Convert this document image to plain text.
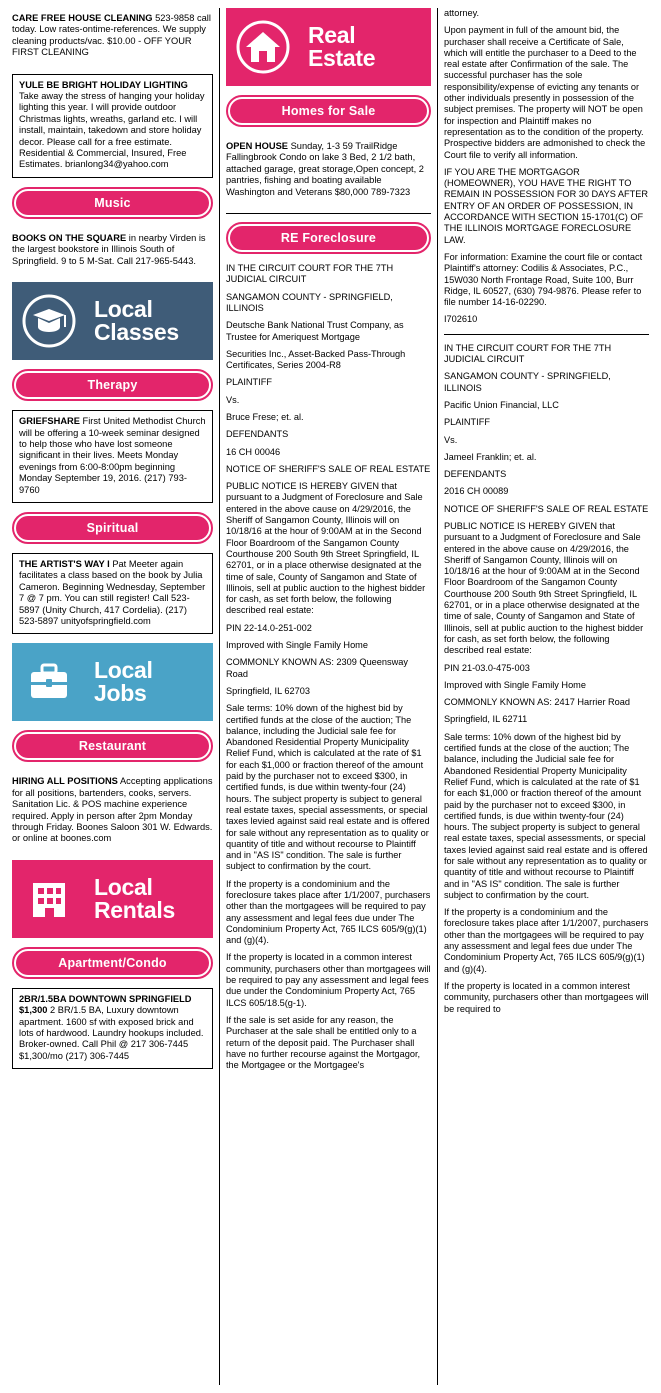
CARE FREE HOUSE CLEANING 523-9858 call today. Low rates-ontime-references. We supply cleaning products/vac. $10.00 - OFF YOUR FIRST CLEANING
YULE BE BRIGHT HOLIDAY LIGHTING Take away the stress of hanging your holiday lighting this year. I will provide outdoor Christmas lights, wreaths, garland etc. I will install, maintain, takedown and store holiday decor. Please call for a free estimate. Residential & Commercial, Insured, Free Estimates. brianlong34@yahoo.com
Music
BOOKS ON THE SQUARE in nearby Virden is the largest bookstore in Illinois South of Springfield. 9 to 5 M-Sat. Call 217-965-5443.
Local
Classes
Therapy
GRIEFSHARE First United Methodist Church will be offering a 10-week seminar designed to help those who have lost someone significant in their lives. Meets Monday evenings from 6:00-8:00pm beginning Monday September 19, 2016. (217) 793-9760
Spiritual
THE ARTIST'S WAY I Pat Meeter again facilitates a class based on the book by Julia Cameron. Beginning Wednesday, September 7 @ 7 pm. You can still register! Call 523-5897 (Unity Church, 417 Cordelia). (217) 523-5897 unityofspringfield.com
Local
Jobs
Restaurant
HIRING ALL POSITIONS Accepting applications for all positions, bartenders, cooks, servers. Sanitation Lic. & POS machine experience required. Apply in person after 2pm Monday through Friday. Boones Saloon 301 W. Edwards. or online at boones.com
Local
Rentals
Apartment/Condo
2BR/1.5BA DOWNTOWN SPRINGFIELD $1,300 2 BR/1.5 BA, Luxury downtown apartment. 1600 sf with exposed brick and lots of hardwood. Laundry hookups included. Broker-owned. Call Phil @ 217 306-7445 $1,300/mo (217) 306-7445
Real
Estate
Homes for Sale
OPEN HOUSE Sunday, 1-3 59 TrailRidge Fallingbrook Condo on lake 3 Bed, 2 1/2 bath, attached garage, great storage,Open concept, 2 pantries, fishing and boating available Washington and Veterans $80,000 789-7323
RE Foreclosure
IN THE CIRCUIT COURT FOR THE 7TH JUDICIAL CIRCUIT
SANGAMON COUNTY - SPRINGFIELD, ILLINOIS
Deutsche Bank National Trust Company, as Trustee for Ameriquest Mortgage
Securities Inc., Asset-Backed Pass-Through Certificates, Series 2004-R8
PLAINTIFF
Vs.
Bruce Frese; et. al.
DEFENDANTS
16 CH 00046
NOTICE OF SHERIFF'S SALE OF REAL ESTATE
PUBLIC NOTICE IS HEREBY GIVEN that pursuant to a Judgment of Foreclosure and Sale entered in the above cause on 4/29/2016, the Sheriff of Sangamon County, Illinois will on 10/18/16 at the hour of 9:00AM at in the Second Floor Boardroom of the Sangamon County Courthouse 200 South 9th Street Springfield, IL 62701, or in a place otherwise designated at the time of sale, County of Sangamon and State of Illinois, sell at public auction to the highest bidder for cash, as set forth below, the following described real estate:
PIN 22-14.0-251-002
Improved with Single Family Home
COMMONLY KNOWN AS: 2309 Queensway Road
Springfield, IL 62703
Sale terms: 10% down of the highest bid by certified funds at the close of the auction; The balance, including the Judicial sale fee for Abandoned Residential Property Municipality Relief Fund, which is calculated at the rate of $1 for each $1,000 or fraction thereof of the amount paid by the purchaser not to exceed $300, in certified funds, is due within twenty-four (24) hours. The subject property is subject to general real estate taxes, special assessments, or special taxes levied against said real estate and is offered for sale without any representation as to quality or quantity of title and without recourse to Plaintiff and in "AS IS" condition. The sale is further subject to confirmation by the court.
If the property is a condominium and the foreclosure takes place after 1/1/2007, purchasers other than the mortgagees will be required to pay any assessment and legal fees due under The Condominium Property Act, 765 ILCS 605/9(g)(1) and (g)(4).
If the property is located in a common interest community, purchasers other than mortgagees will be required to pay any assessment and legal fees due under the Condominium Property Act, 765 ILCS 605/18.5(g-1).
If the sale is set aside for any reason, the Purchaser at the sale shall be entitled only to a return of the deposit paid. The Purchaser shall have no further recourse against the Mortgagor, the Mortgagee or the Mortgagee's
attorney.
Upon payment in full of the amount bid, the purchaser shall receive a Certificate of Sale, which will entitle the purchaser to a Deed to the real estate after Confirmation of the sale. The successful purchaser has the sole responsibility/expense of evicting any tenants or other individuals presently in possession of the subject premises. The property will NOT be open for inspection and Plaintiff makes no representation as to the condition of the property. Prospective bidders are admonished to check the Court file to verify all information.
IF YOU ARE THE MORTGAGOR (HOMEOWNER), YOU HAVE THE RIGHT TO REMAIN IN POSSESSION FOR 30 DAYS AFTER ENTRY OF AN ORDER OF POSSESSION, IN ACCORDANCE WITH SECTION 15-1701(C) OF THE ILLINOIS MORTGAGE FORECLOSURE LAW.
For information: Examine the court file or contact Plaintiff's attorney: Codilis & Associates, P.C., 15W030 North Frontage Road, Suite 100, Burr Ridge, IL 60527, (630) 794-9876. Please refer to file number 14-16-02290.
I702610
IN THE CIRCUIT COURT FOR THE 7TH JUDICIAL CIRCUIT
SANGAMON COUNTY - SPRINGFIELD, ILLINOIS
Pacific Union Financial, LLC
PLAINTIFF
Vs.
Jameel Franklin; et. al.
DEFENDANTS
2016 CH 00089
NOTICE OF SHERIFF'S SALE OF REAL ESTATE
PUBLIC NOTICE IS HEREBY GIVEN that pursuant to a Judgment of Foreclosure and Sale entered in the above cause on 4/29/2016, the Sheriff of Sangamon County, Illinois will on 10/18/16 at the hour of 9:00AM at in the Second Floor Boardroom of the Sangamon County Courthouse 200 South 9th Street Springfield, IL 62701, or in a place otherwise designated at the time of sale, County of Sangamon and State of Illinois, sell at public auction to the highest bidder for cash, as set forth below, the following described real estate:
PIN 21-03.0-475-003
Improved with Single Family Home
COMMONLY KNOWN AS: 2417 Harrier Road
Springfield, IL 62711
Sale terms: 10% down of the highest bid by certified funds at the close of the auction; The balance, including the Judicial sale fee for Abandoned Residential Property Municipality Relief Fund, which is calculated at the rate of $1 for each $1,000 or fraction thereof of the amount paid by the purchaser not to exceed $300, in certified funds, is due within twenty-four (24) hours. The subject property is subject to general real estate taxes, special assessments, or special taxes levied against said real estate and is offered for sale without any representation as to quality or quantity of title and without recourse to Plaintiff and in "AS IS" condition. The sale is further subject to confirmation by the court.
If the property is a condominium and the foreclosure takes place after 1/1/2007, purchasers other than the mortgagees will be required to pay any assessment and legal fees due under The Condominium Property Act, 765 ILCS 605/9(g)(1) and (g)(4).
If the property is located in a common interest community, purchasers other than mortgagees will be required to
